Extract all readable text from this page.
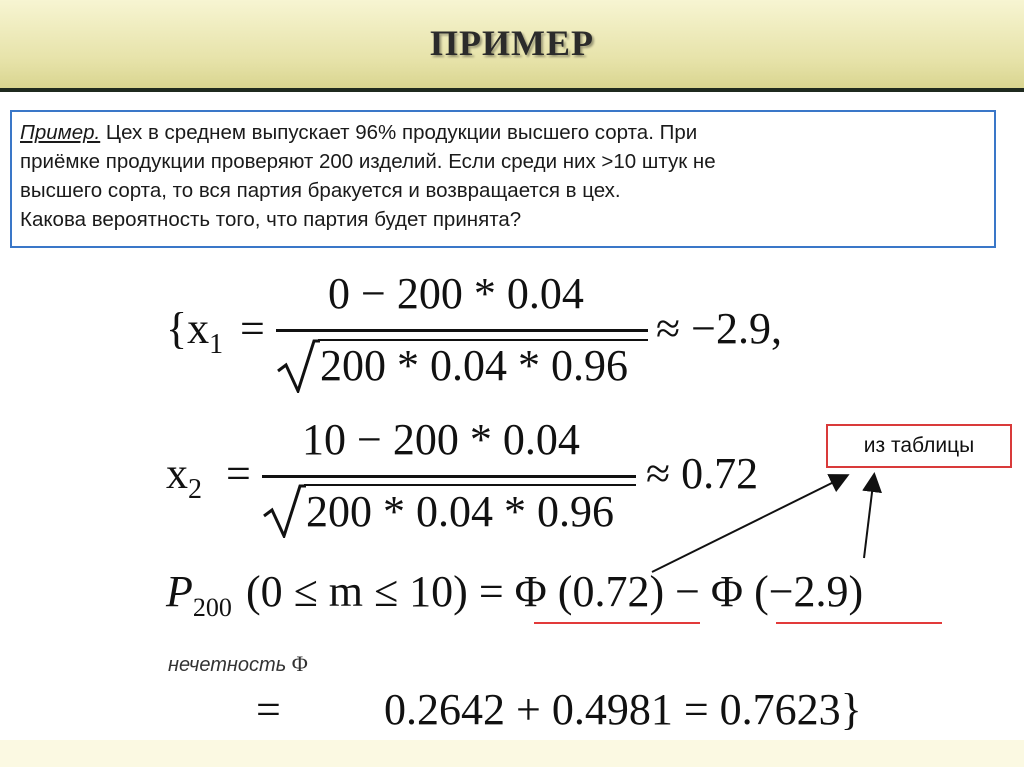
ПРИМЕР
Пример. Цех в среднем выпускает 96% продукции высшего сорта. При
приёмке продукции проверяют 200 изделий. Если среди них >10 штук не
высшего сорта, то вся партия бракуется и возвращается в цех.
Какова вероятность того, что партия будет принята?
{$x_1$ =
0 − 200 * 0.04
200 * 0.04 * 0.96
≈ −2.9,
$x_2$ =
10 − 200 * 0.04
200 * 0.04 * 0.96
≈ 0.72
из таблицы
$P_{200}$ (0 ≤ m ≤ 10) = Φ (0.72) − Φ (−2.9)
нечетность Φ
= 0.2642 + 0.4981 = 0.7623}
